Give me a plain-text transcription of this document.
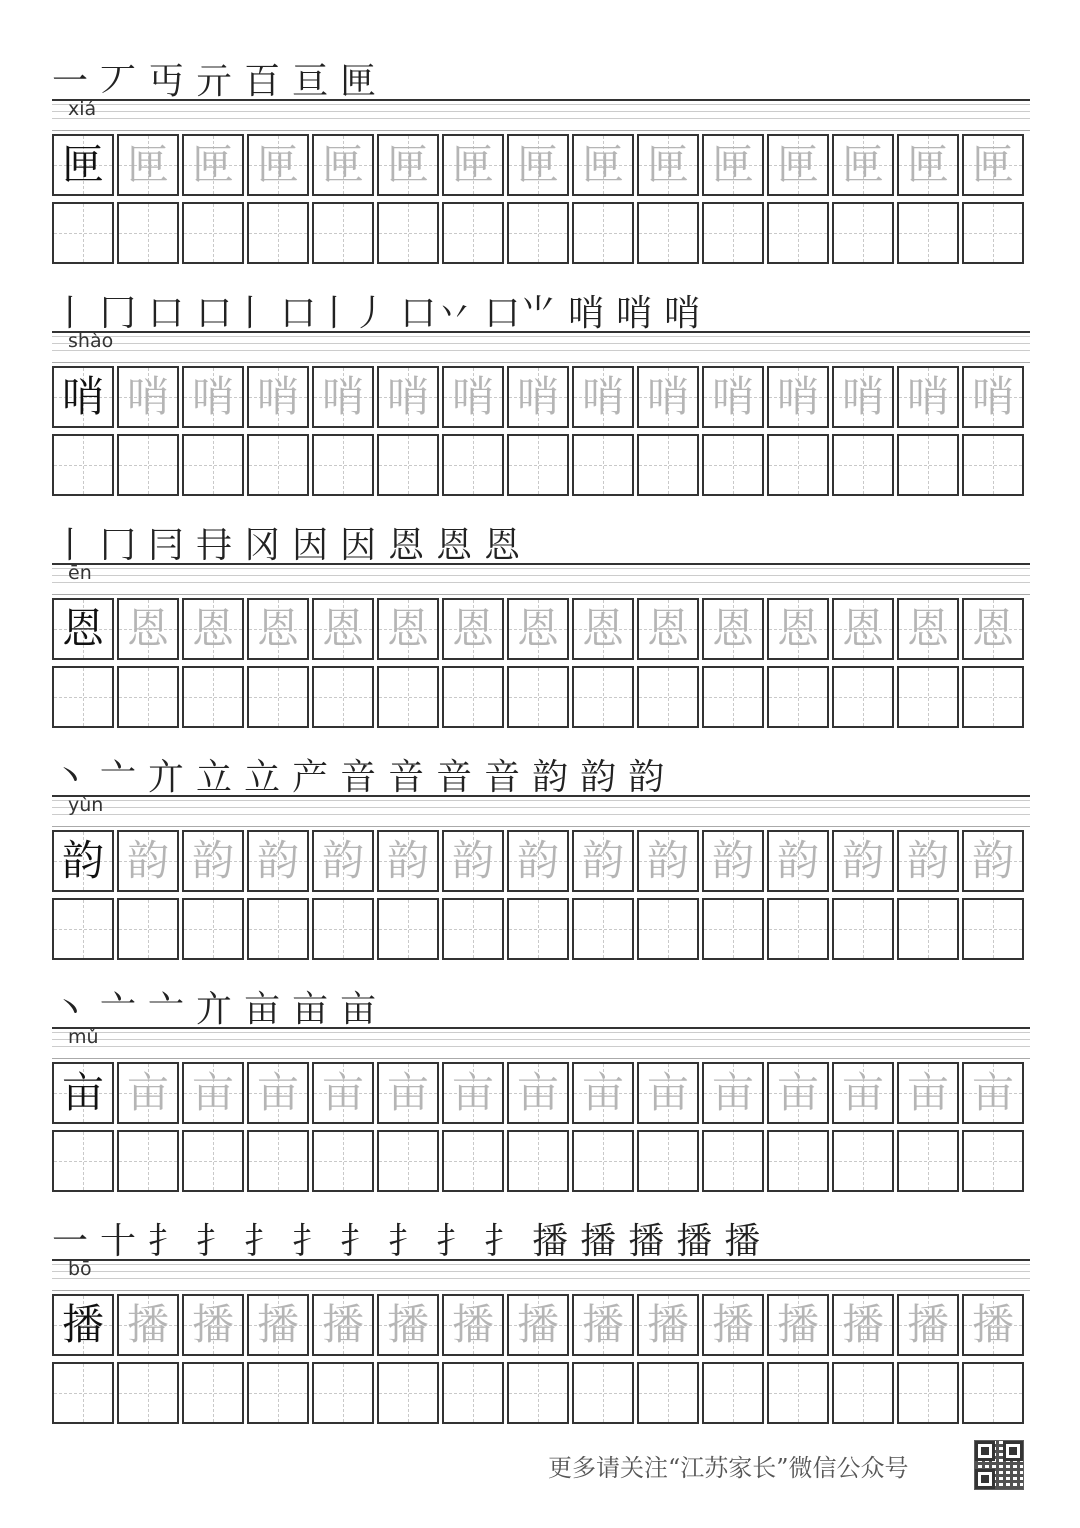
一 丆 丏 亓 百 亘 匣
xiá
匣 匣 匣 匣 匣 匣 匣 匣 匣 匣 匣 匣 匣 匣 匣
丨 冂 口 口丨 口丨丿 口丷 口⺌ 哨 哨 哨
shào
哨 哨 哨 哨 哨 哨 哨 哨 哨 哨 哨 哨 哨 哨 哨
丨 冂 冃 冄 冈 因 因 恩 恩 恩
ēn
恩 恩 恩 恩 恩 恩 恩 恩 恩 恩 恩 恩 恩 恩 恩
丶 亠 亣 立 立 产 音 音 音 音 韵 韵 韵
yùn
韵 韵 韵 韵 韵 韵 韵 韵 韵 韵 韵 韵 韵 韵 韵
丶 亠 亠 亣 亩 亩 亩
mǔ
亩 亩 亩 亩 亩 亩 亩 亩 亩 亩 亩 亩 亩 亩 亩
一 十 扌 扌 扌 扌 扌 扌 扌 扌 播 播 播 播 播
bō
播 播 播 播 播 播 播 播 播 播 播 播 播 播 播
更多请关注“江苏家长”微信公众号
